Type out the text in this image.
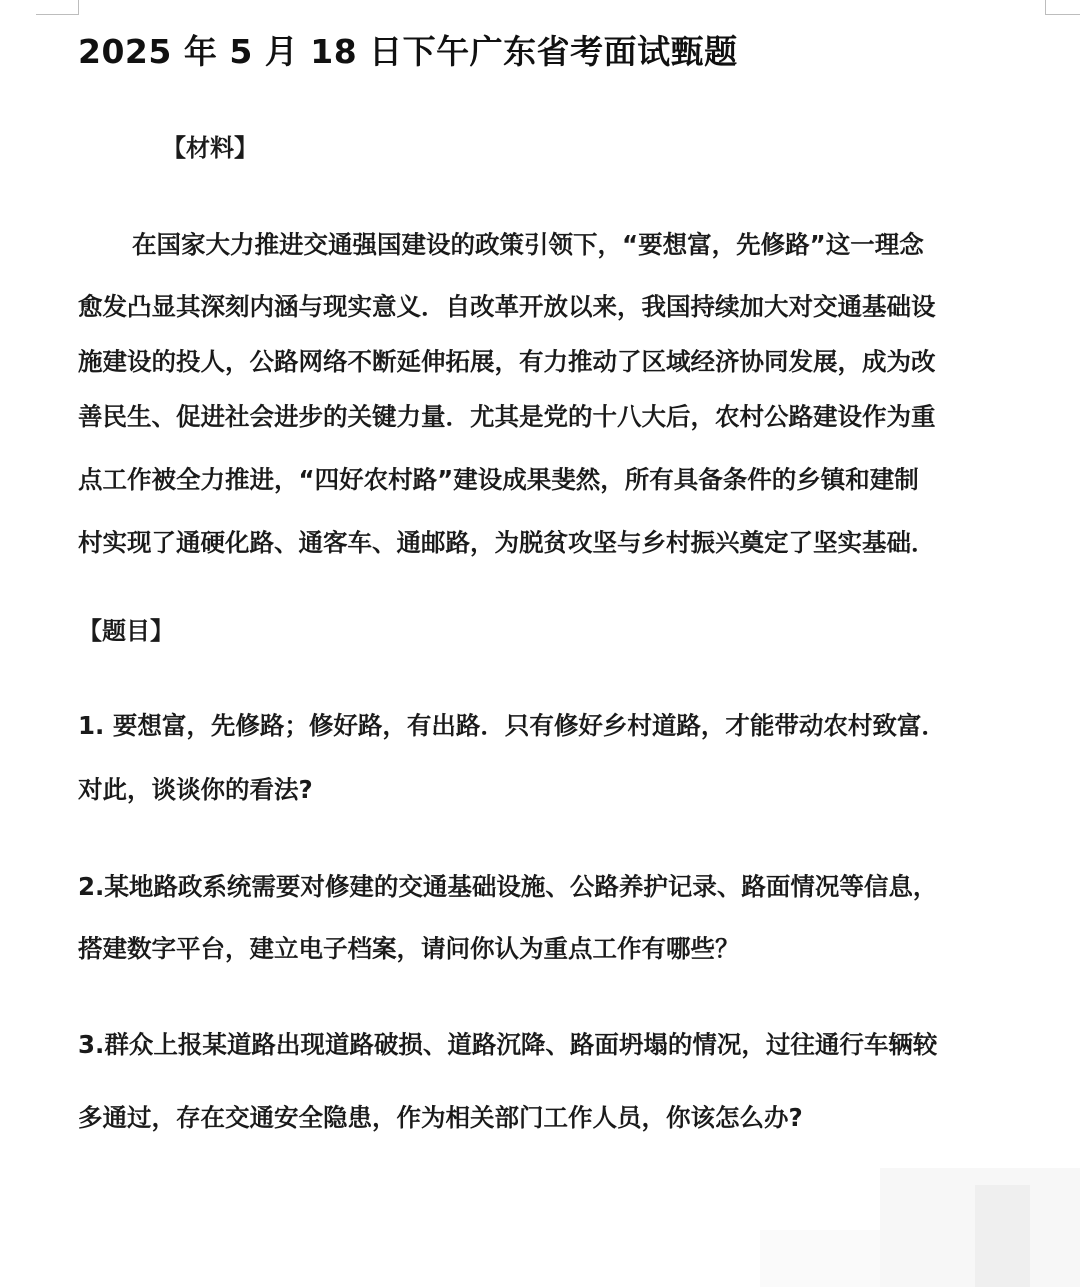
2025 年 5 月 18 日下午广东省考面试甄题
【材料】
在国家大力推进交通强国建设的政策引领下，“要想富，先修路”这一理念
愈发凸显其深刻内涵与现实意义．自改革开放以来，我国持续加大对交通基础设
施建设的投人，公路网络不断延伸拓展，有力推动了区域经济协同发展，成为改
善民生、促进社会进步的关键力量．尤其是党的十八大后，农村公路建设作为重
点工作被全力推进，“四好农村路”建设成果斐然，所有具备条件的乡镇和建制
村实现了通硬化路、通客车、通邮路，为脱贫攻坚与乡村振兴奠定了坚实基础．
【题目】
1. 要想富，先修路；修好路，有出路．只有修好乡村道路，才能带动农村致富．
对此，谈谈你的看法?
2.某地路政系统需要对修建的交通基础设施、公路养护记录、路面情况等信息，
搭建数字平台，建立电子档案，请问你认为重点工作有哪些？
3.群众上报某道路出现道路破损、道路沉降、路面坍塌的情况，过往通行车辆较
多通过，存在交通安全隐患，作为相关部门工作人员，你该怎么办?
